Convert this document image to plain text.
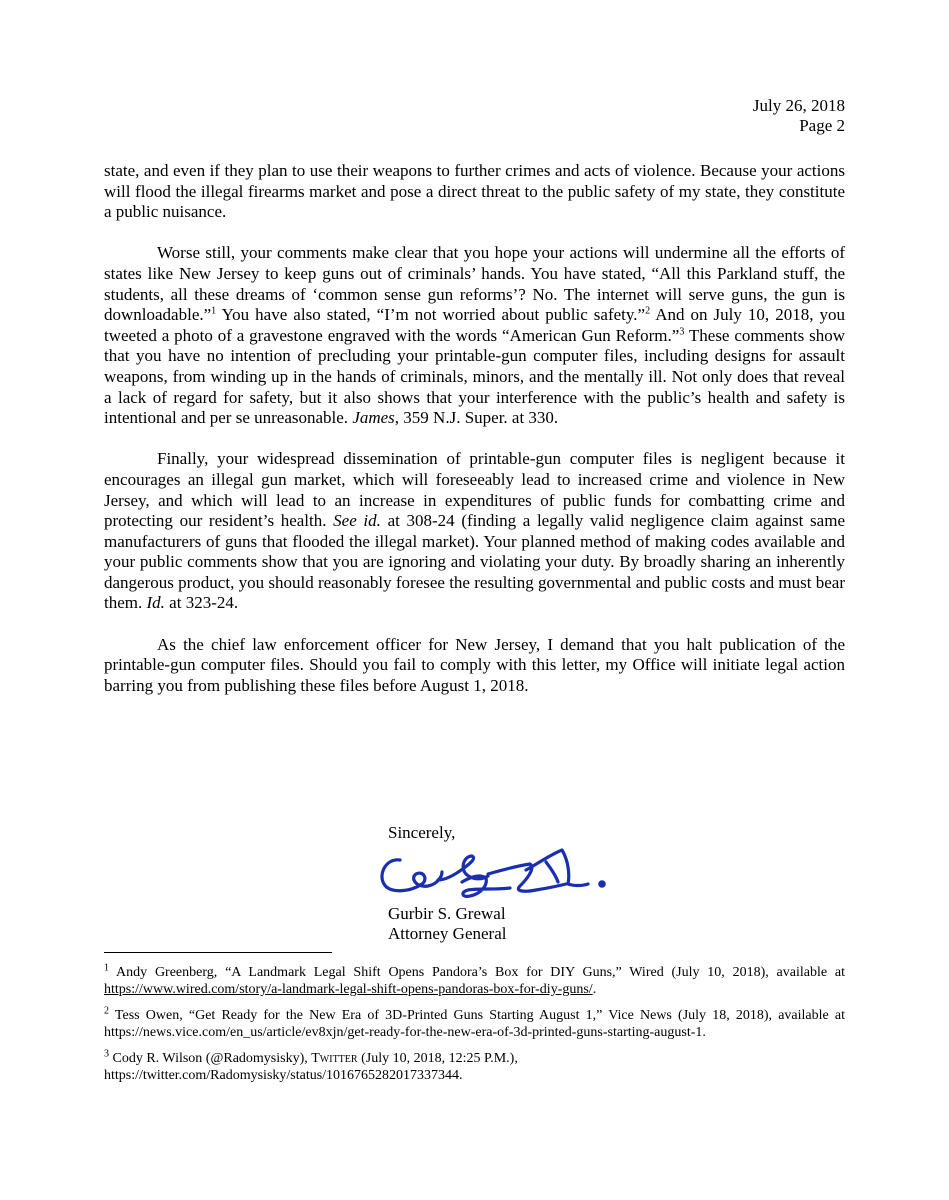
July 26, 2018
Page 2

state, and even if they plan to use their weapons to further crimes and acts of violence. Because your actions will flood the illegal firearms market and pose a direct threat to the public safety of my state, they constitute a public nuisance.

Worse still, your comments make clear that you hope your actions will undermine all the efforts of states like New Jersey to keep guns out of criminals’ hands. You have stated, “All this Parkland stuff, the students, all these dreams of ‘common sense gun reforms’? No. The internet will serve guns, the gun is downloadable.”$^1$ You have also stated, “I’m not worried about public safety.”$^2$ And on July 10, 2018, you tweeted a photo of a gravestone engraved with the words “American Gun Reform.”$^3$ These comments show that you have no intention of precluding your printable-gun computer files, including designs for assault weapons, from winding up in the hands of criminals, minors, and the mentally ill. Not only does that reveal a lack of regard for safety, but it also shows that your interference with the public’s health and safety is intentional and per se unreasonable. James, 359 N.J. Super. at 330.

Finally, your widespread dissemination of printable-gun computer files is negligent because it encourages an illegal gun market, which will foreseeably lead to increased crime and violence in New Jersey, and which will lead to an increase in expenditures of public funds for combatting crime and protecting our resident’s health. See id. at 308-24 (finding a legally valid negligence claim against same manufacturers of guns that flooded the illegal market). Your planned method of making codes available and your public comments show that you are ignoring and violating your duty. By broadly sharing an inherently dangerous product, you should reasonably foresee the resulting governmental and public costs and must bear them. Id. at 323-24.

As the chief law enforcement officer for New Jersey, I demand that you halt publication of the printable-gun computer files. Should you fail to comply with this letter, my Office will initiate legal action barring you from publishing these files before August 1, 2018.

Sincerely,
Gurbir S. Grewal
Attorney General
$^1$ Andy Greenberg, “A Landmark Legal Shift Opens Pandora’s Box for DIY Guns,” Wired (July 10, 2018), available at https://www.wired.com/story/a-landmark-legal-shift-opens-pandoras-box-for-diy-guns/.
$^2$ Tess Owen, “Get Ready for the New Era of 3D-Printed Guns Starting August 1,” Vice News (July 18, 2018), available at https://news.vice.com/en_us/article/ev8xjn/get-ready-for-the-new-era-of-3d-printed-guns-starting-august-1.
$^3$ Cody R. Wilson (@Radomysisky), Twitter (July 10, 2018, 12:25 P.M.),
https://twitter.com/Radomysisky/status/1016765282017337344.
